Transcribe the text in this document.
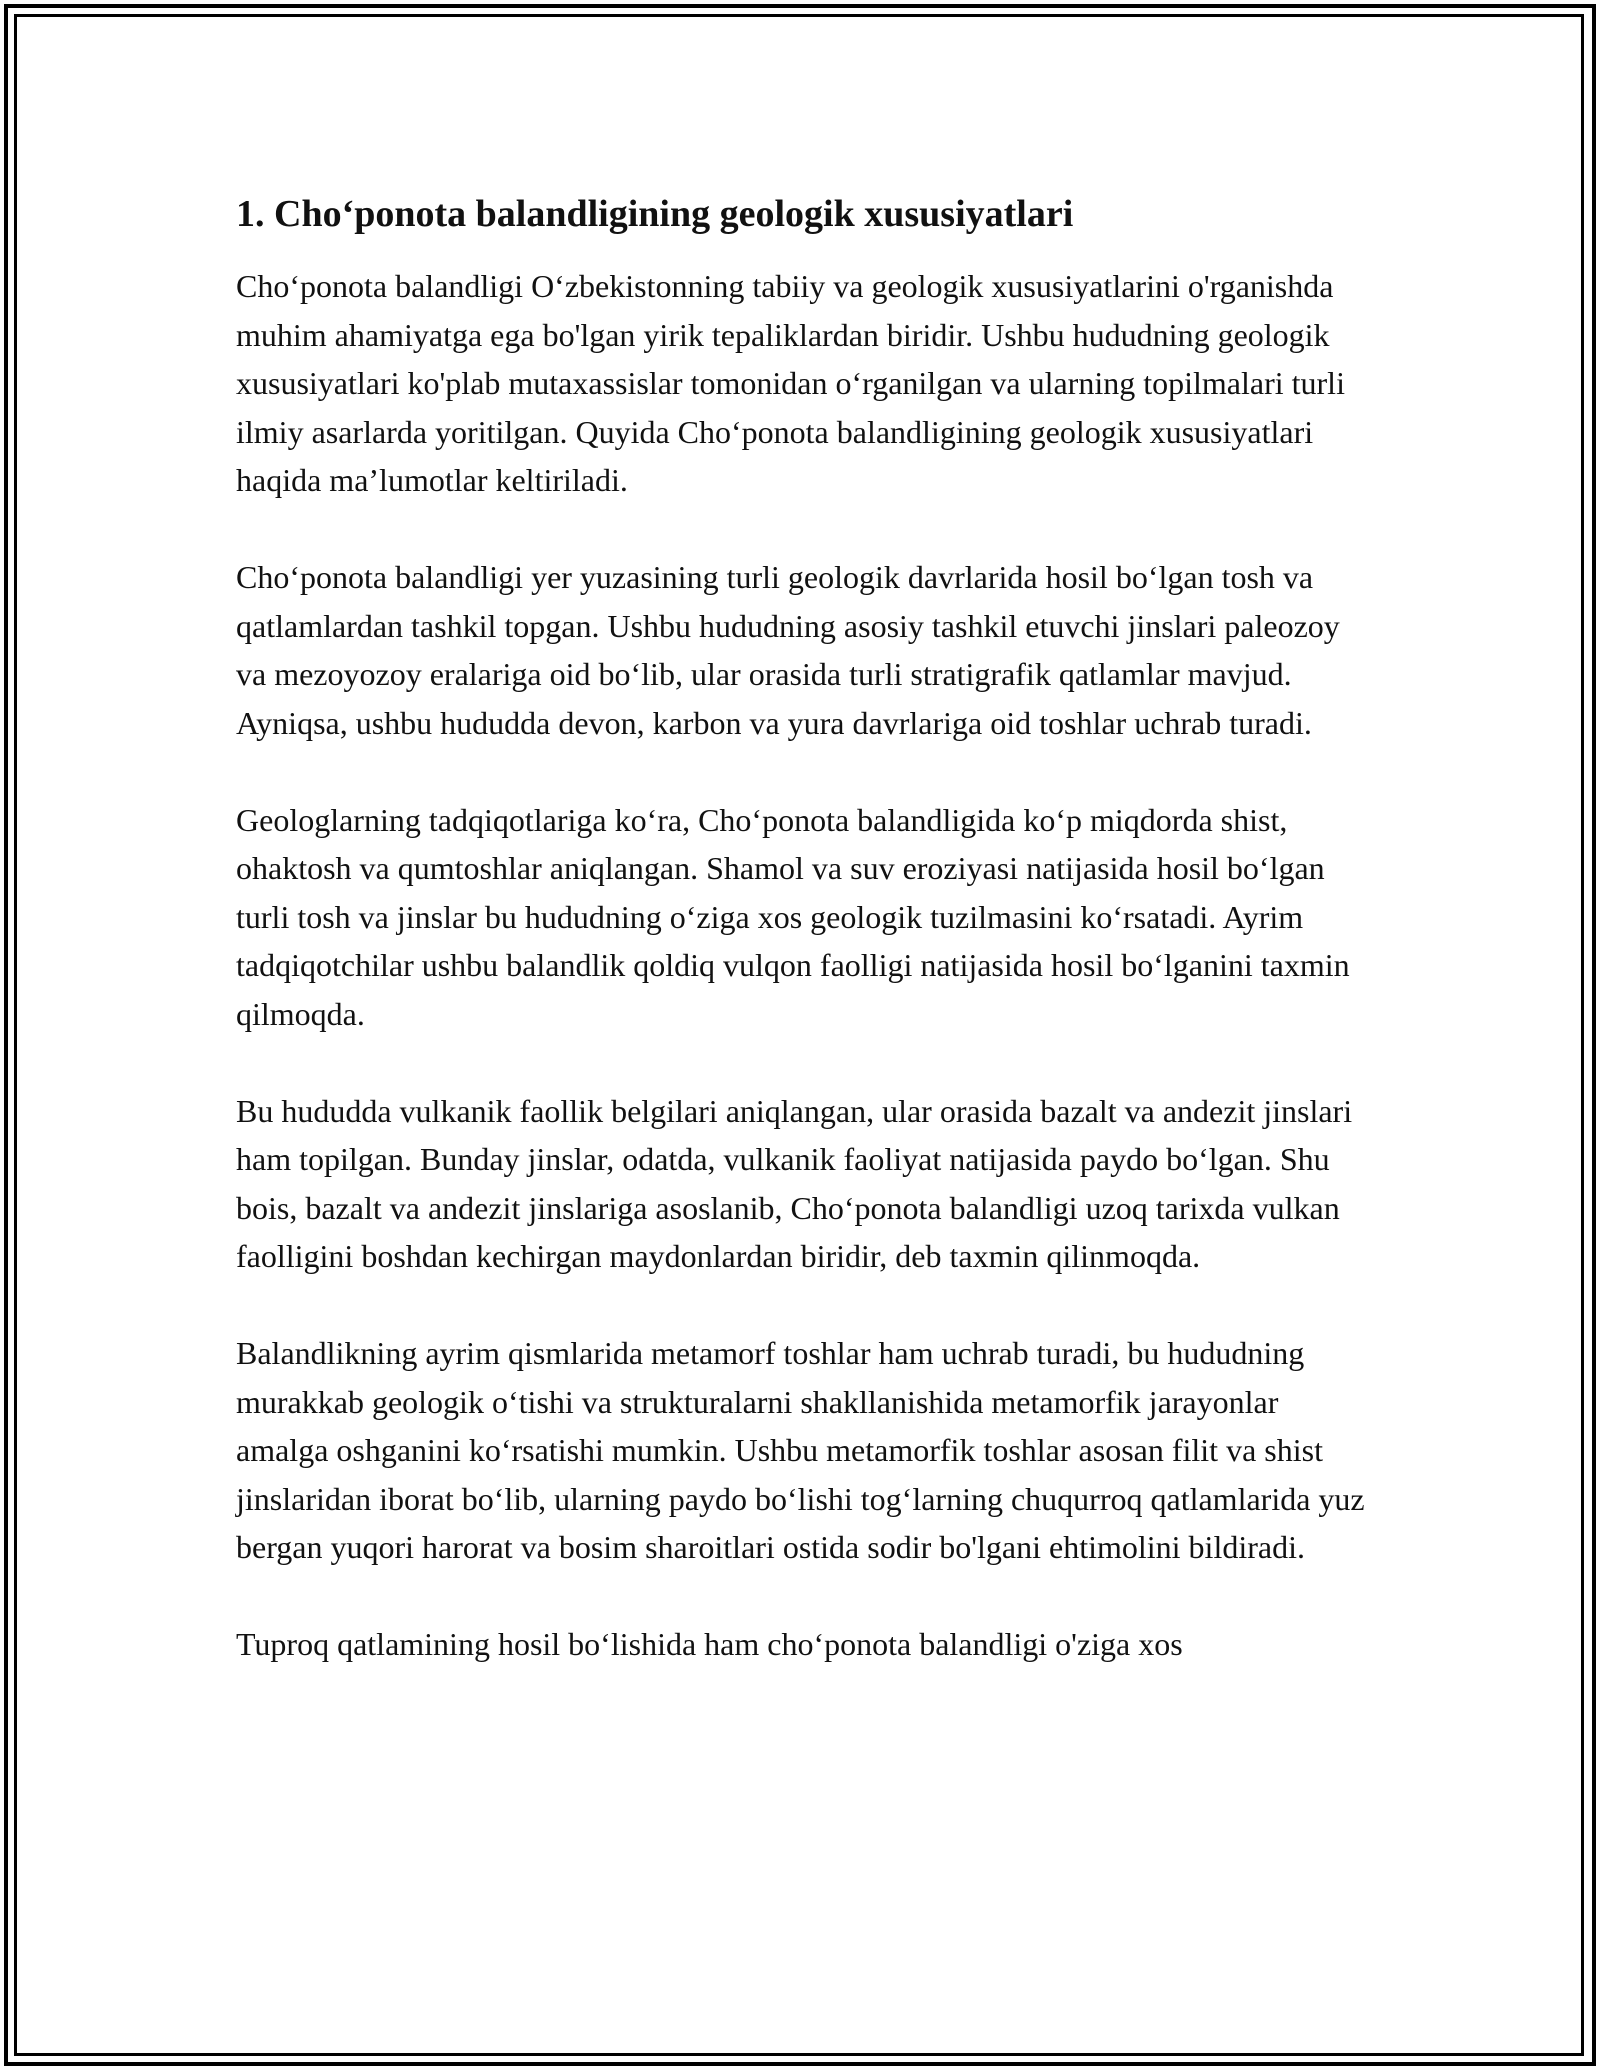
1. Cho‘ponota balandligining geologik xususiyatlari

Cho‘ponota balandligi O‘zbekistonning tabiiy va geologik xususiyatlarini o'rganishda muhim ahamiyatga ega bo'lgan yirik tepaliklardan biridir. Ushbu hududning geologik xususiyatlari ko'plab mutaxassislar tomonidan o‘rganilgan va ularning topilmalari turli ilmiy asarlarda yoritilgan. Quyida Cho‘ponota balandligining geologik xususiyatlari haqida ma’lumotlar keltiriladi.

Cho‘ponota balandligi yer yuzasining turli geologik davrlarida hosil bo‘lgan tosh va qatlamlardan tashkil topgan. Ushbu hududning asosiy tashkil etuvchi jinslari paleozoy va mezoyozoy eralariga oid bo‘lib, ular orasida turli stratigrafik qatlamlar mavjud. Ayniqsa, ushbu hududda devon, karbon va yura davrlariga oid toshlar uchrab turadi.

Geologlarning tadqiqotlariga ko‘ra, Cho‘ponota balandligida ko‘p miqdorda shist, ohaktosh va qumtoshlar aniqlangan. Shamol va suv eroziyasi natijasida hosil bo‘lgan turli tosh va jinslar bu hududning o‘ziga xos geologik tuzilmasini ko‘rsatadi. Ayrim tadqiqotchilar ushbu balandlik qoldiq vulqon faolligi natijasida hosil bo‘lganini taxmin qilmoqda.

Bu hududda vulkanik faollik belgilari aniqlangan, ular orasida bazalt va andezit jinslari ham topilgan. Bunday jinslar, odatda, vulkanik faoliyat natijasida paydo bo‘lgan. Shu bois, bazalt va andezit jinslariga asoslanib, Cho‘ponota balandligi uzoq tarixda vulkan faolligini boshdan kechirgan maydonlardan biridir, deb taxmin qilinmoqda.

Balandlikning ayrim qismlarida metamorf toshlar ham uchrab turadi, bu hududning murakkab geologik o‘tishi va strukturalarni shakllanishida metamorfik jarayonlar amalga oshganini ko‘rsatishi mumkin. Ushbu metamorfik toshlar asosan filit va shist jinslaridan iborat bo‘lib, ularning paydo bo‘lishi tog‘larning chuqurroq qatlamlarida yuz bergan yuqori harorat va bosim sharoitlari ostida sodir bo'lgani ehtimolini bildiradi.

Tuproq qatlamining hosil bo‘lishida ham cho‘ponota balandligi o'ziga xos
